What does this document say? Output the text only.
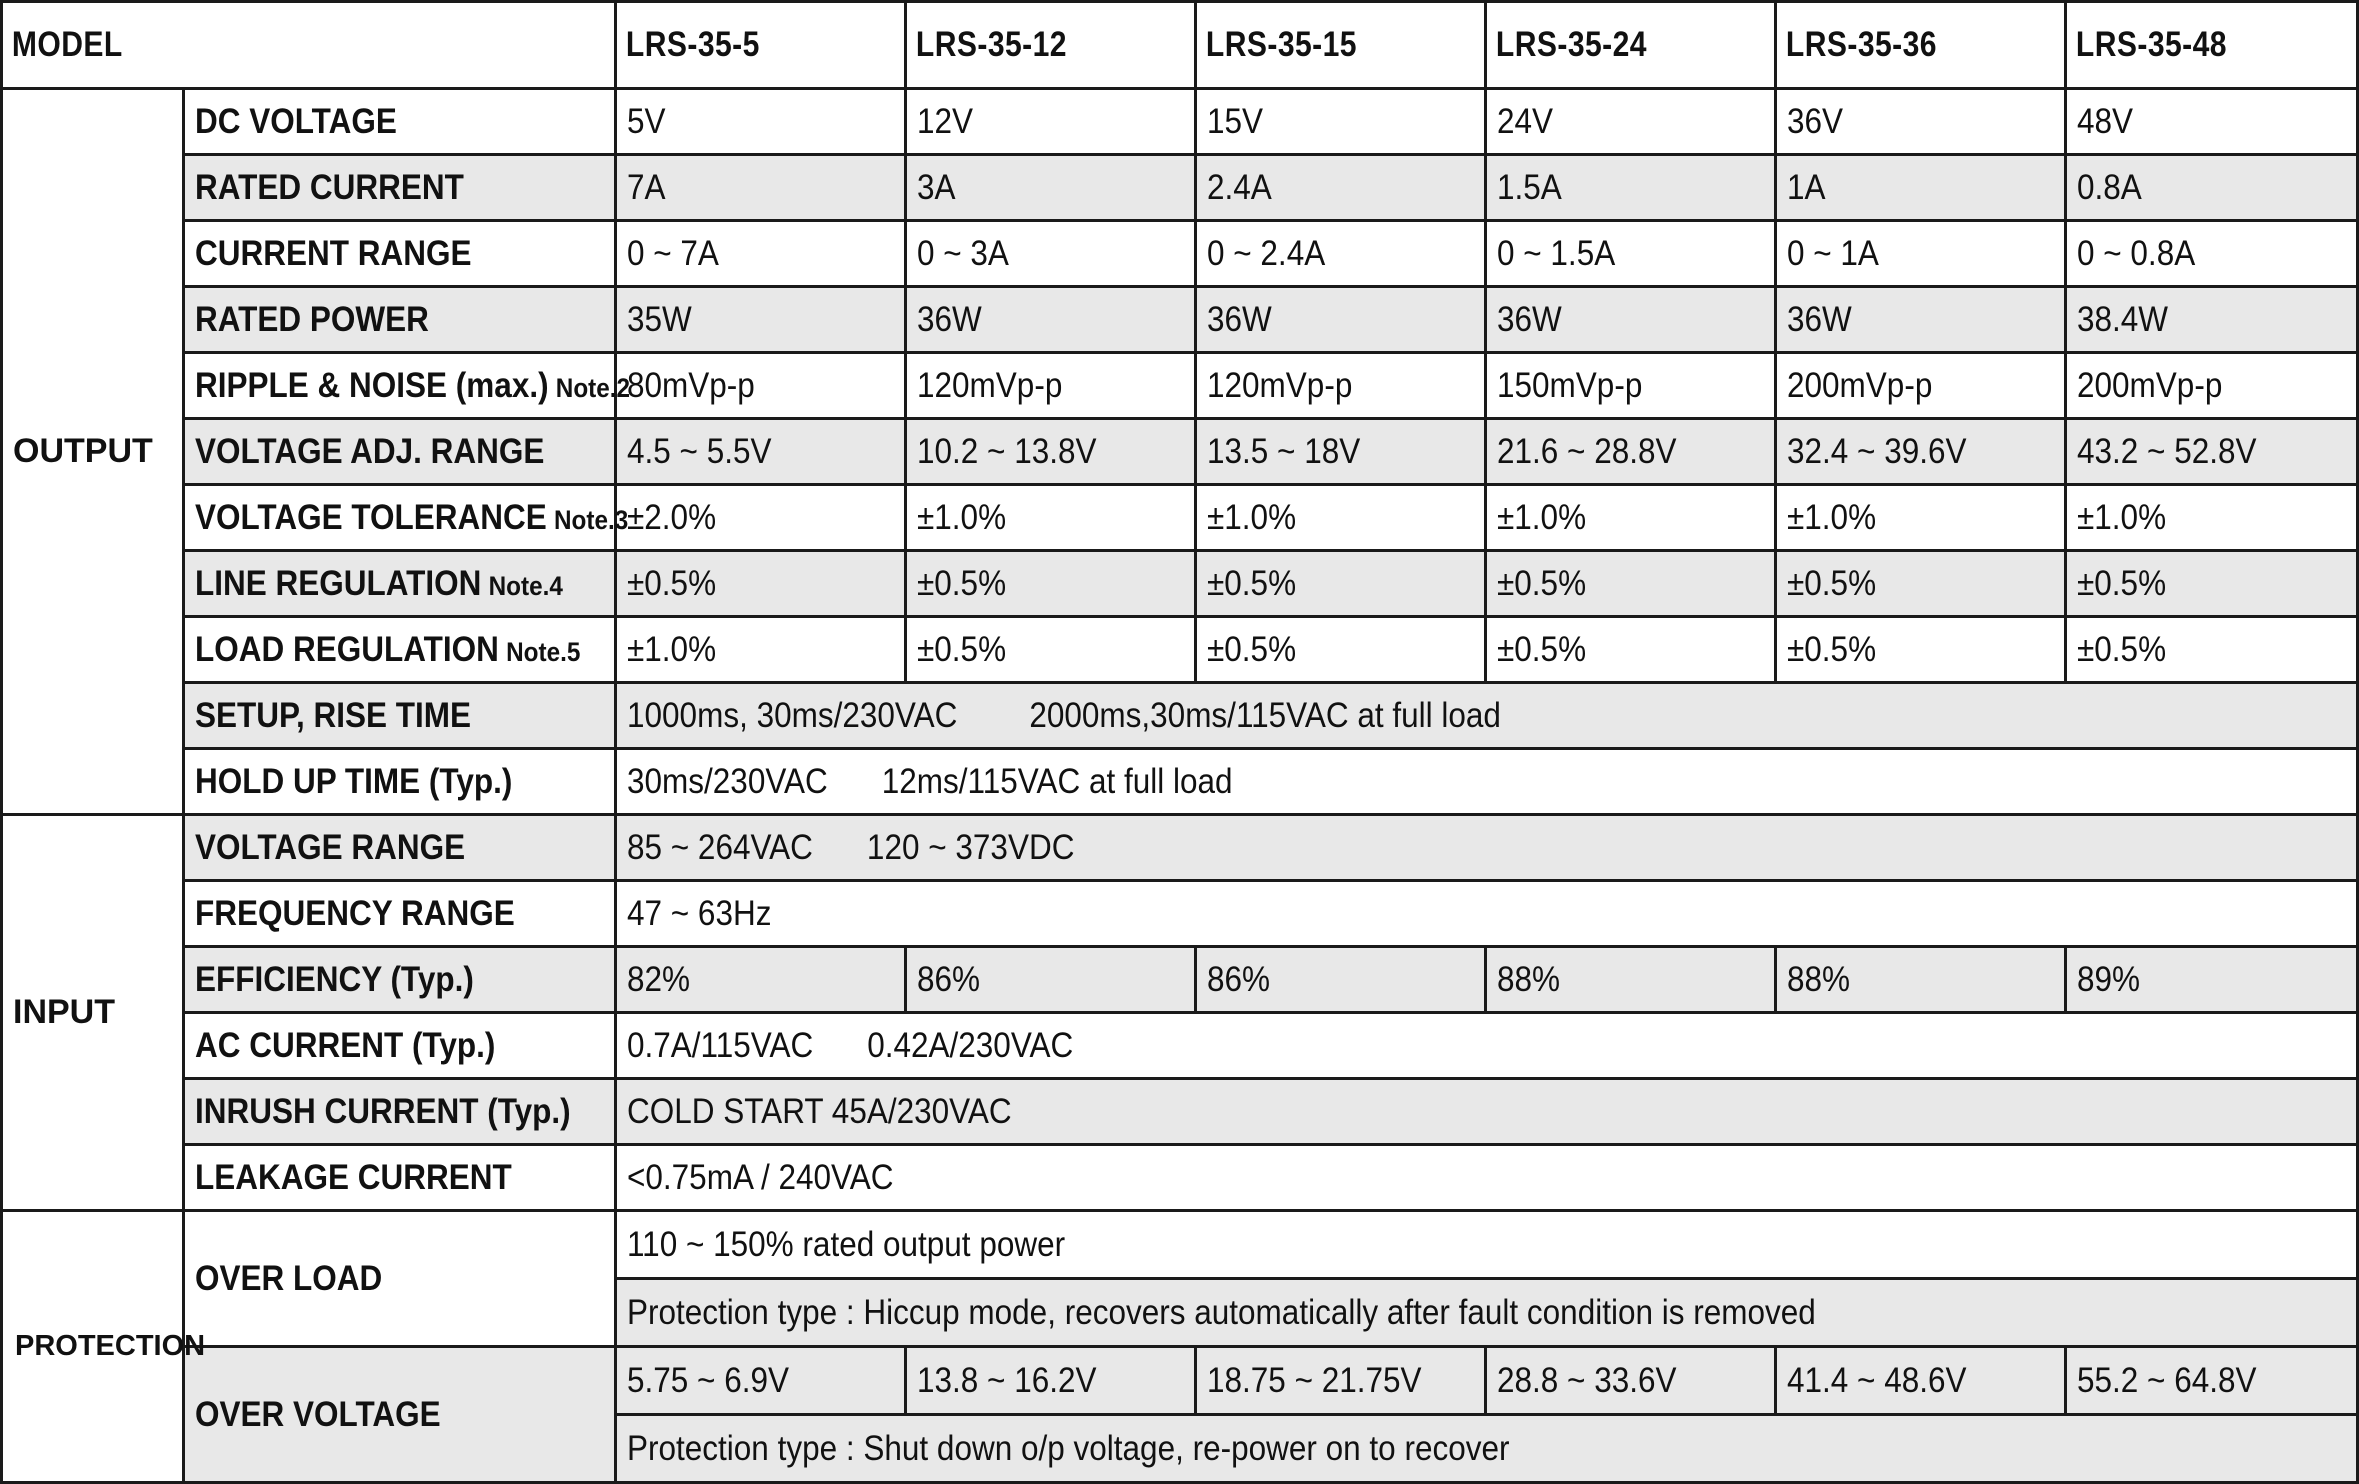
MODEL		LRS-35-5	LRS-35-12	LRS-35-15	LRS-35-24	LRS-35-36	LRS-35-48
OUTPUT	DC VOLTAGE	5V	12V	15V	24V	36V	48V
	RATED CURRENT	7A	3A	2.4A	1.5A	1A	0.8A
	CURRENT RANGE	0 ~ 7A	0 ~ 3A	0 ~ 2.4A	0 ~ 1.5A	0 ~ 1A	0 ~ 0.8A
	RATED POWER	35W	36W	36W	36W	36W	38.4W
	RIPPLE & NOISE (max.) Note.2	80mVp-p	120mVp-p	120mVp-p	150mVp-p	200mVp-p	200mVp-p
	VOLTAGE ADJ. RANGE	4.5 ~ 5.5V	10.2 ~ 13.8V	13.5 ~ 18V	21.6 ~ 28.8V	32.4 ~ 39.6V	43.2 ~ 52.8V
	VOLTAGE TOLERANCE Note.3	±2.0%	±1.0%	±1.0%	±1.0%	±1.0%	±1.0%
	LINE REGULATION Note.4	±0.5%	±0.5%	±0.5%	±0.5%	±0.5%	±0.5%
	LOAD REGULATION Note.5	±1.0%	±0.5%	±0.5%	±0.5%	±0.5%	±0.5%
	SETUP, RISE TIME	1000ms, 30ms/230VAC 2000ms,30ms/115VAC at full load					
	HOLD UP TIME (Typ.)	30ms/230VAC 12ms/115VAC at full load					
INPUT	VOLTAGE RANGE	85 ~ 264VAC 120 ~ 373VDC					
	FREQUENCY RANGE	47 ~ 63Hz					
	EFFICIENCY (Typ.)	82%	86%	86%	88%	88%	89%
	AC CURRENT (Typ.)	0.7A/115VAC 0.42A/230VAC					
	INRUSH CURRENT (Typ.)	COLD START 45A/230VAC					
	LEAKAGE CURRENT	<0.75mA / 240VAC					
PROTECTION	OVER LOAD	110 ~ 150% rated output power					
		Protection type : Hiccup mode, recovers automatically after fault condition is removed					
	OVER VOLTAGE	5.75 ~ 6.9V	13.8 ~ 16.2V	18.75 ~ 21.75V	28.8 ~ 33.6V	41.4 ~ 48.6V	55.2 ~ 64.8V
		Protection type : Shut down o/p voltage, re-power on to recover					
